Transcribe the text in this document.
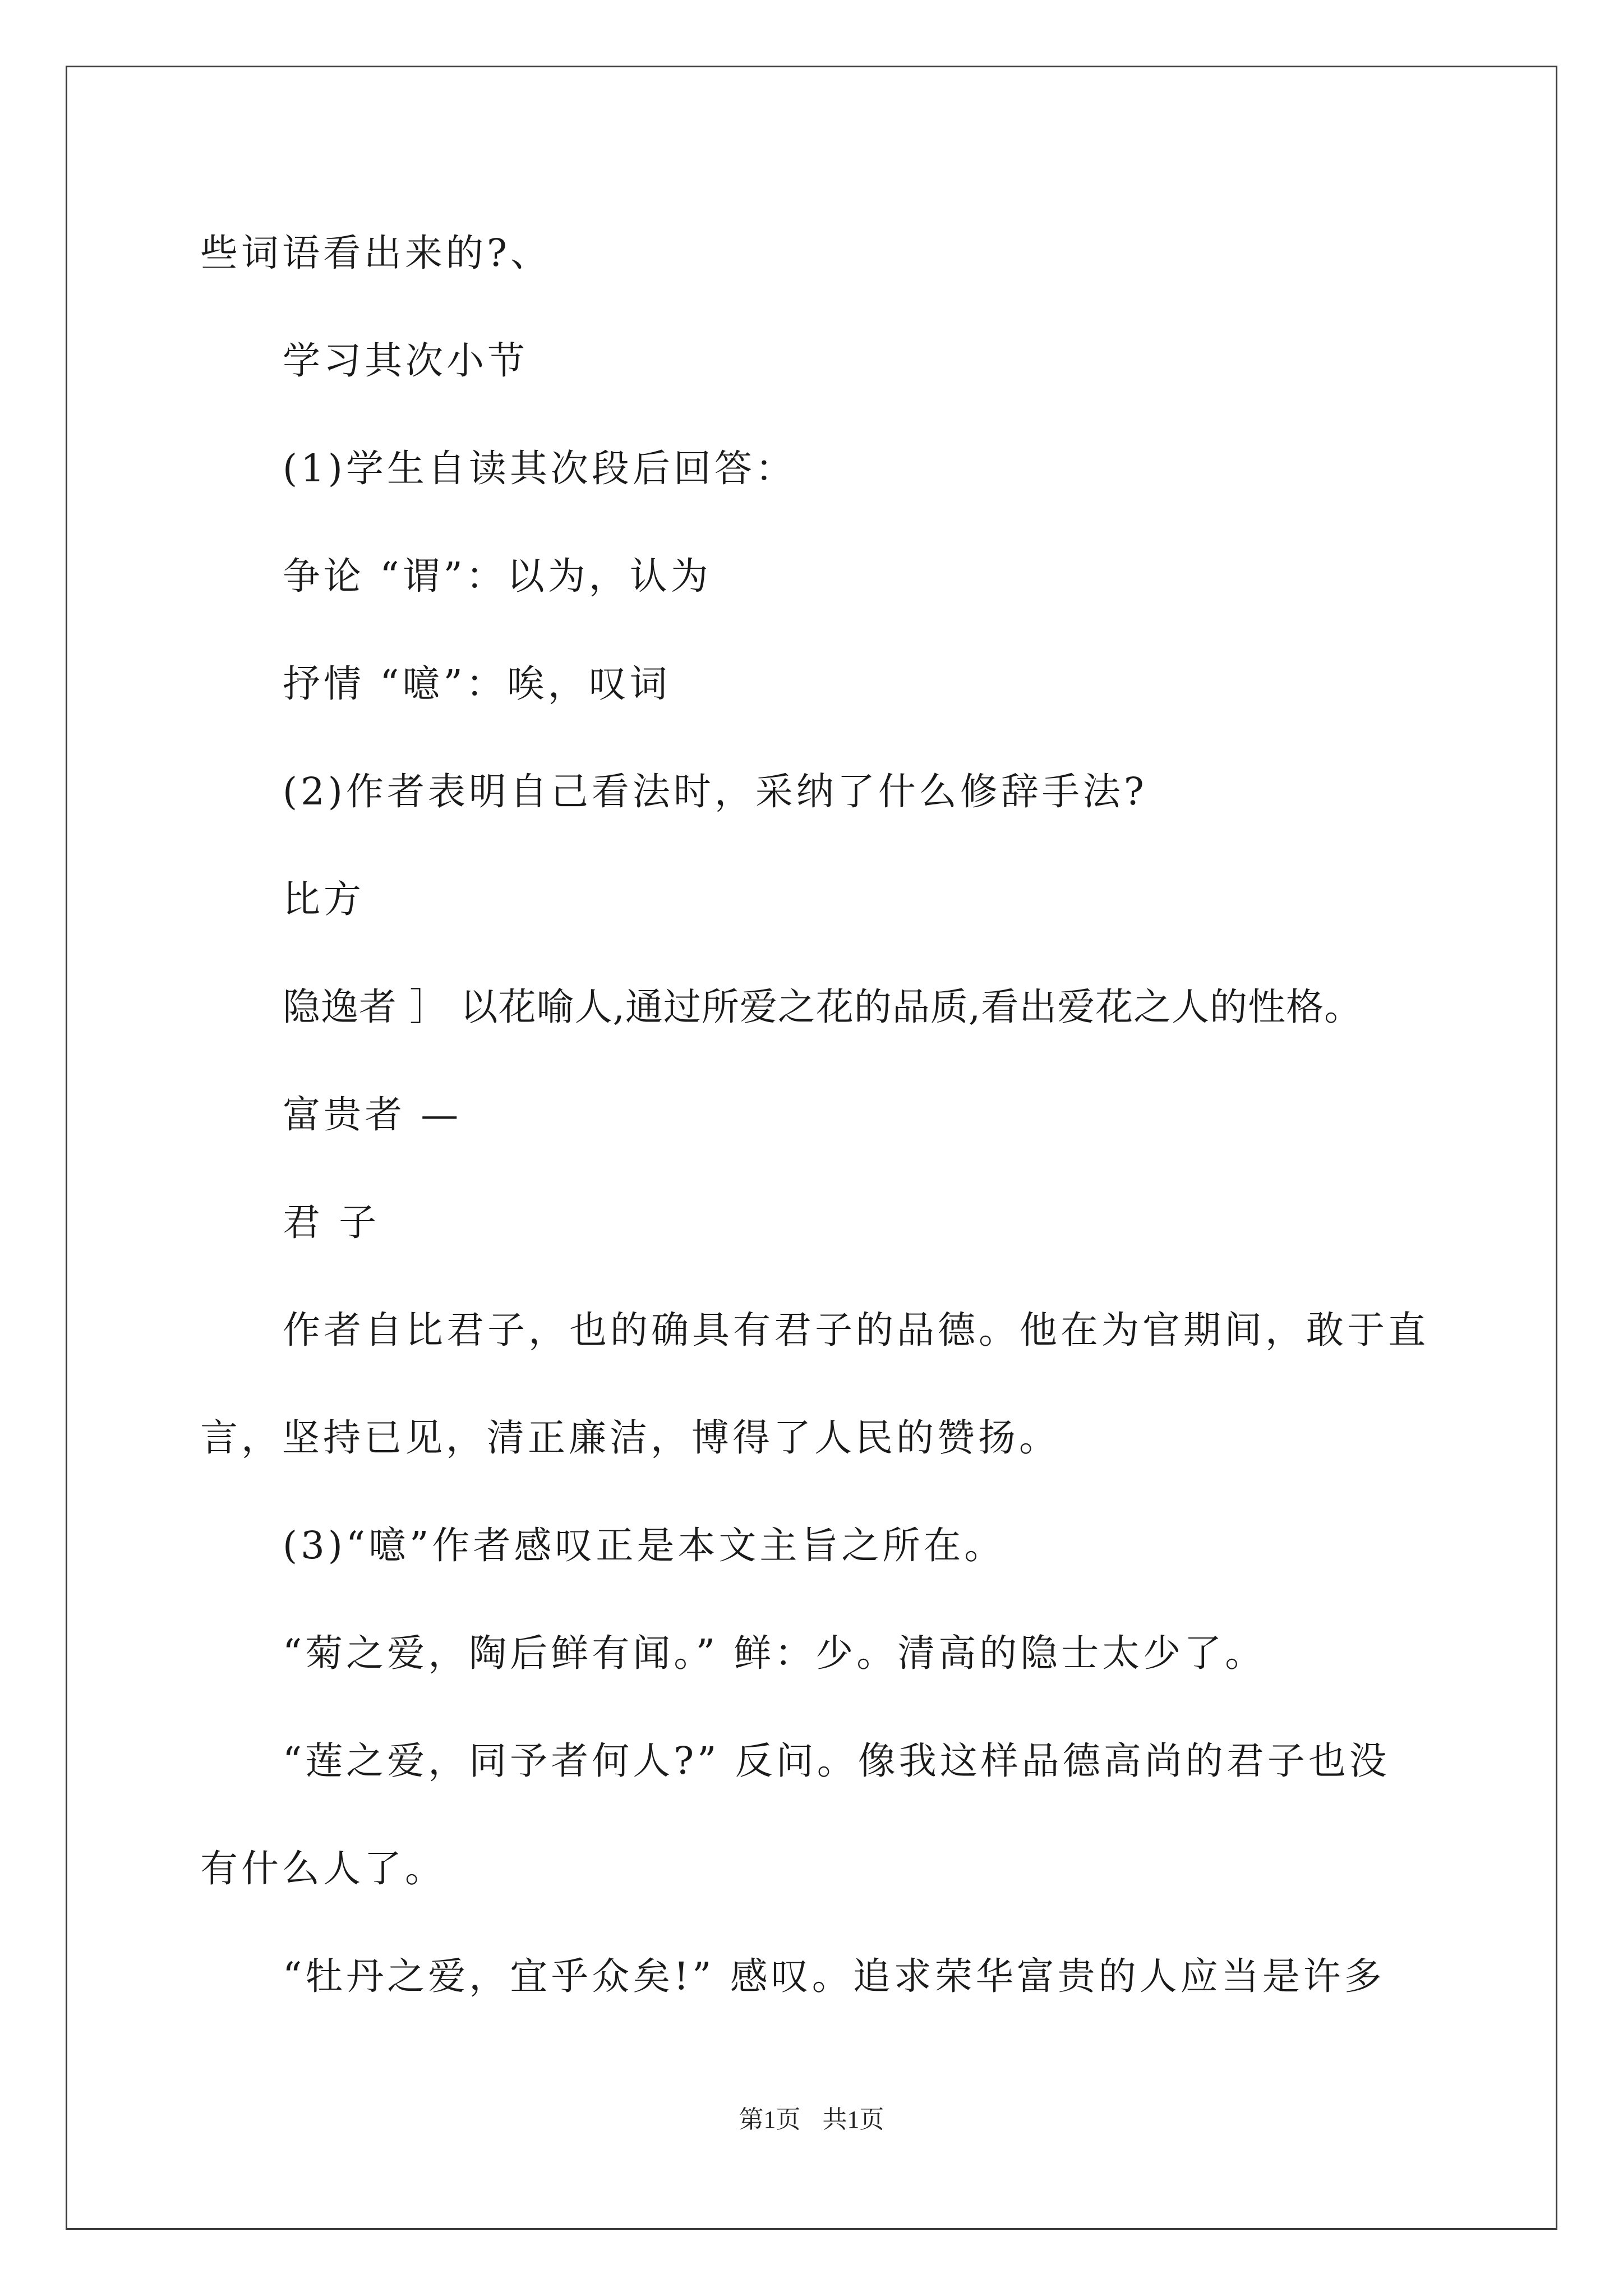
些词语看出来的?、
学习其次小节
(1)学生自读其次段后回答：
争论 “谓”：以为，认为
抒情 “噫”：唉，叹词
(2)作者表明自己看法时，采纳了什么修辞手法?
比方
隐逸者 ］ 以花喻人,通过所爱之花的品质,看出爱花之人的性格。
富贵者 —
君 子
作者自比君子，也的确具有君子的品德。他在为官期间，敢于直
言，坚持已见，清正廉洁，博得了人民的赞扬。
(3)“噫”作者感叹正是本文主旨之所在。
“菊之爱，陶后鲜有闻。” 鲜：少。清高的隐士太少了。
“莲之爱，同予者何人?” 反问。像我这样品德高尚的君子也没
有什么人了。
“牡丹之爱，宜乎众矣!” 感叹。追求荣华富贵的人应当是许多
第1页 共1页
